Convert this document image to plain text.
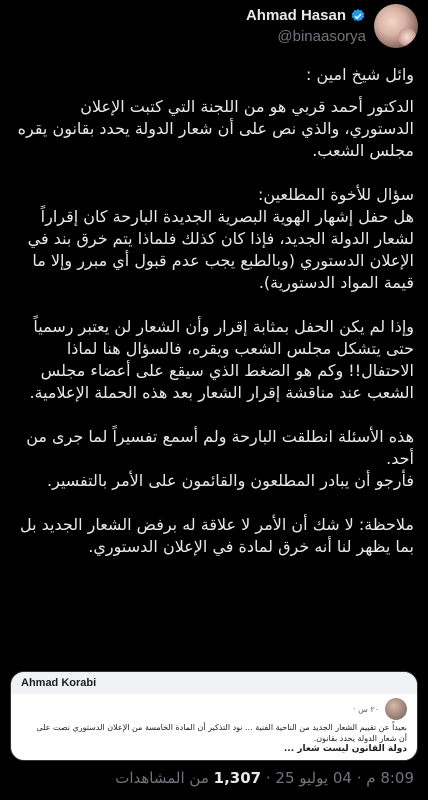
Ahmad Hasan
@binaasorya

وائل شيخ امين :

الدكتور أحمد قربي هو من اللجنة التي كتبت الإعلان الدستوري، والذي نص على أن شعار الدولة يحدد بقانون يقره مجلس الشعب.

سؤال للأخوة المطلعين:

هل حفل إشهار الهوية البصرية الجديدة البارحة كان إقراراً لشعار الدولة الجديد، فإذا كان كذلك فلماذا يتم خرق بند في الإعلان الدستوري (وبالطبع يجب عدم قبول أي مبرر وإلا ما قيمة المواد الدستورية).

وإذا لم يكن الحفل بمثابة إقرار وأن الشعار لن يعتبر رسمياً حتى يتشكل مجلس الشعب ويقره، فالسؤال هنا لماذا الاحتفال!! وكم هو الضغط الذي سيقع على أعضاء مجلس الشعب عند مناقشة إقرار الشعار بعد هذه الحملة الإعلامية.

هذه الأسئلة انطلقت البارحة ولم أسمع تفسيراً لما جرى من أحد.

فأرجو أن يبادر المطلعون والقائمون على الأمر بالتفسير.

ملاحظة: لا شك أن الأمر لا علاقة له برفض الشعار الجديد بل بما يظهر لنا أنه خرق لمادة في الإعلان الدستوري.

Ahmad Korabi
٢٠ س ·
بعيداً عن تقييم الشعار الجديد من الناحية الفنية ... نود التذكير أن المادة الخامسة من الإعلان الدستوري نصت على
أن شعار الدولة يحدد بقانون.
دولة القانون ليست شعار ...
8:09 م · 04 يوليو 25 · 1,307 من المشاهدات
